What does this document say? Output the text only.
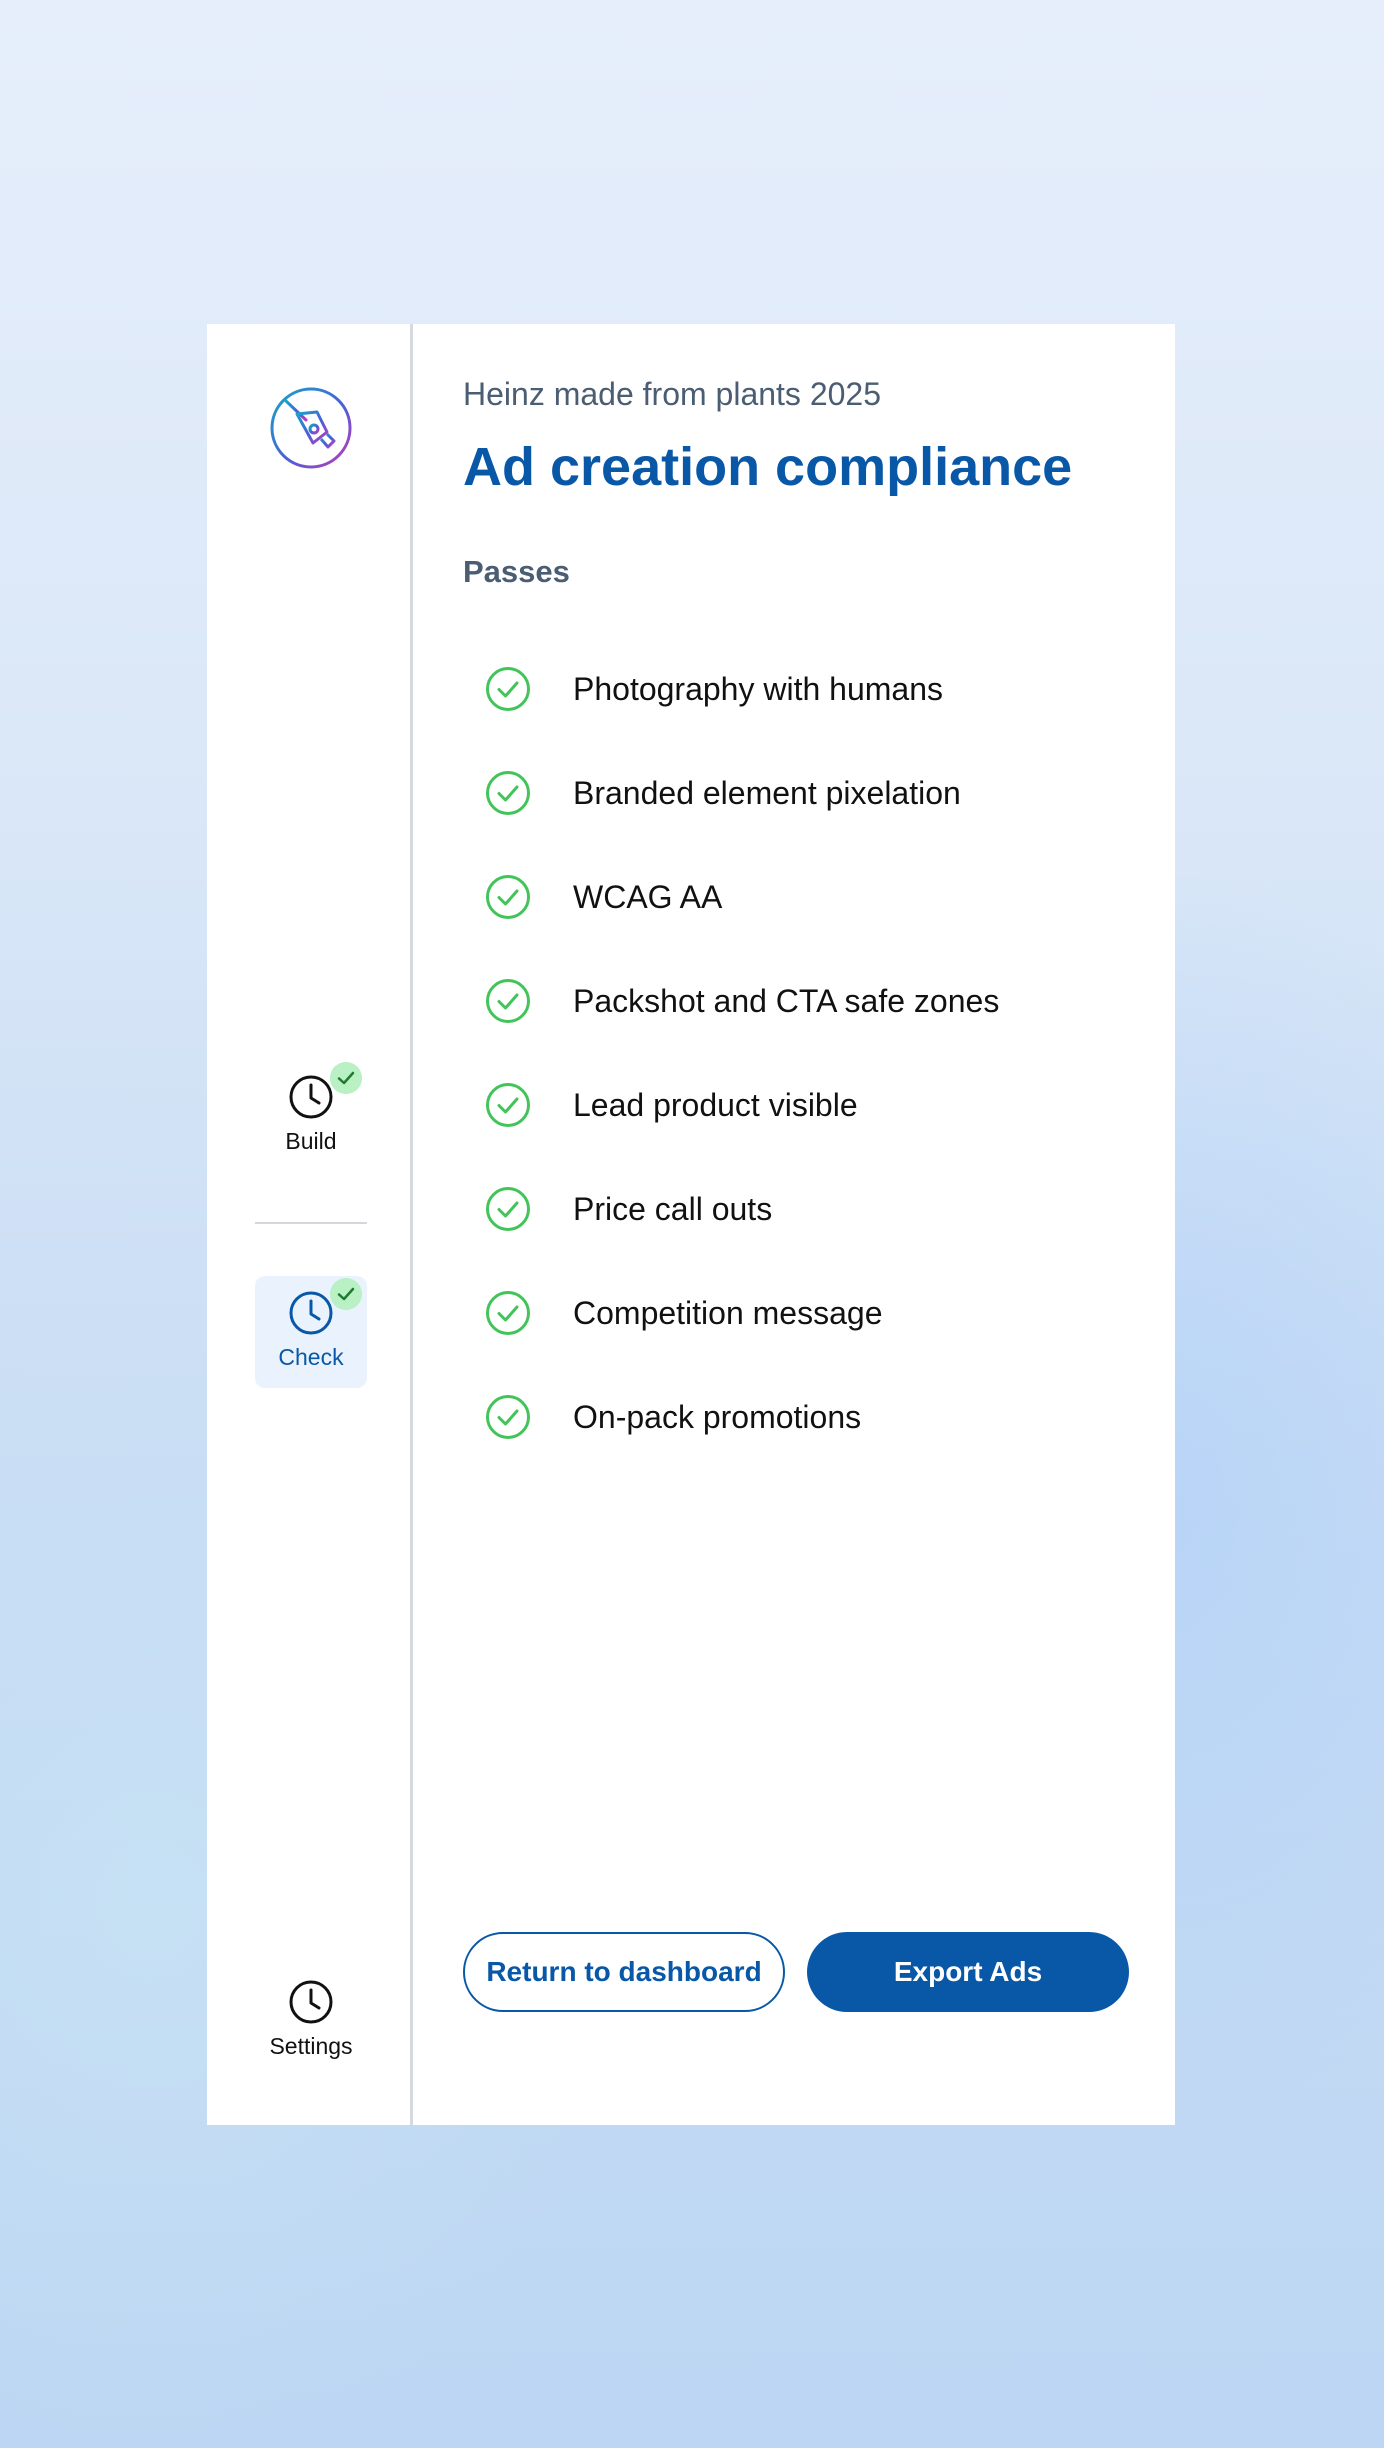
Build
Check
Settings
Heinz made from plants 2025
Ad creation compliance
Passes
Photography with humans
Branded element pixelation
WCAG AA
Packshot and CTA safe zones
Lead product visible
Price call outs
Competition message
On-pack promotions
Return to dashboard	Export Ads
